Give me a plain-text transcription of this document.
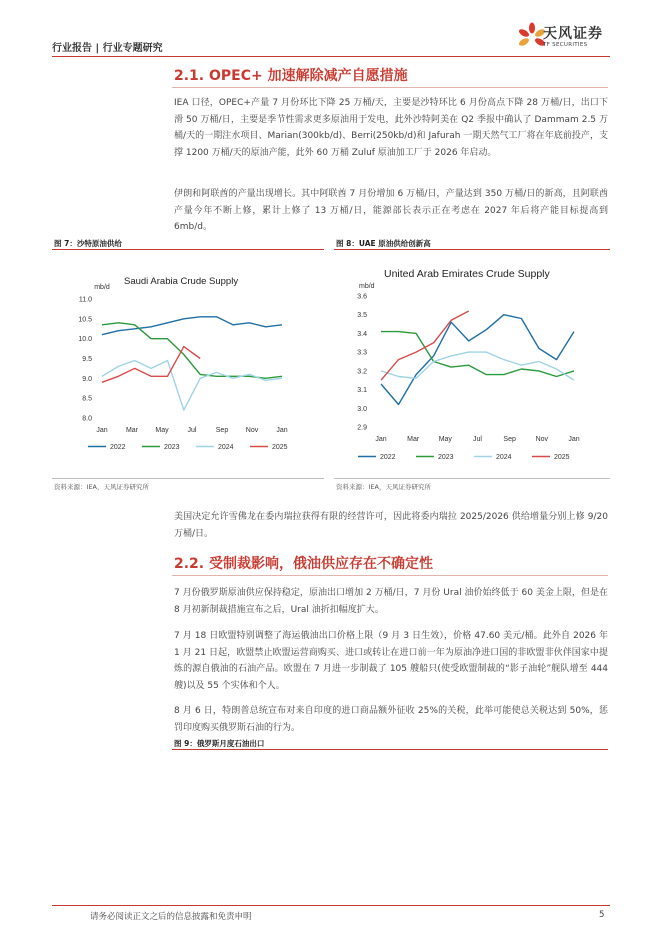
行业报告 | 行业专题研究
天风证券
TF SECURITIES
2.1. OPEC+ 加速解除减产自愿措施
IEA 口径，OPEC+产量 7 月份环比下降 25 万桶/天，主要是沙特环比 6 月份高点下降 28 万桶/日，出口下滑 50 万桶/日，主要是季节性需求更多原油用于发电，此外沙特阿美在 Q2 季报中确认了 Dammam 2.5 万桶/天的一期注水项目、Marian(300kb/d)、Berri(250kb/d)和 Jafurah 一期天然气工厂将在年底前投产，支撑 1200 万桶/天的原油产能，此外 60 万桶 Zuluf 原油加工厂于 2026 年启动。
伊朗和阿联酋的产量出现增长。其中阿联酋 7 月份增加 6 万桶/日，产量达到 350 万桶/日的新高，且阿联酋产量今年不断上修，累计上修了 13 万桶/日，能源部长表示正在考虑在 2027 年后将产能目标提高到 6mb/d。
图 7：沙特原油供给
Saudi Arabia Crude Supply
mb/d
11.0
10.5
10.0
9.5
9.0
8.5
8.0
Jan	Mar May	Jul	Sep	Nov	Jan
2022	2023	2024	2025
资料来源：IEA，天风证券研究所
图 8：UAE 原油供给创新高
United Arab Emirates Crude Supply
mb/d
3.6
3.5
3.4
3.3
3.2
3.1
3.0
2.9
Jan	Mar	May	Jul	Sep	Nov	Jan
2022	2023	2024	2025
资料来源：IEA，天风证券研究所
美国决定允许雪佛龙在委内瑞拉获得有限的经营许可，因此将委内瑞拉 2025/2026 供给增量分别上修 9/20 万桶/日。
2.2. 受制裁影响，俄油供应存在不确定性
7 月份俄罗斯原油供应保持稳定，原油出口增加 2 万桶/日，7 月份 Ural 油价始终低于 60 美金上限，但是在 8 月初新制裁措施宣布之后，Ural 油折扣幅度扩大。
7 月 18 日欧盟特别调整了海运俄油出口价格上限（9 月 3 日生效），价格 47.60 美元/桶。此外自 2026 年 1 月 21 日起，欧盟禁止欧盟运营商购买、进口或转让在进口前一年为原油净进口国的非欧盟非伙伴国家中提炼的源自俄油的石油产品。欧盟在 7 月进一步制裁了 105 艘船只(使受欧盟制裁的“影子油轮”舰队增至 444 艘)以及 55 个实体和个人。
8 月 6 日，特朗普总统宣布对来自印度的进口商品额外征收 25%的关税，此举可能使总关税达到 50%，惩罚印度购买俄罗斯石油的行为。
图 9：俄罗斯月度石油出口
请务必阅读正文之后的信息披露和免责申明	5
